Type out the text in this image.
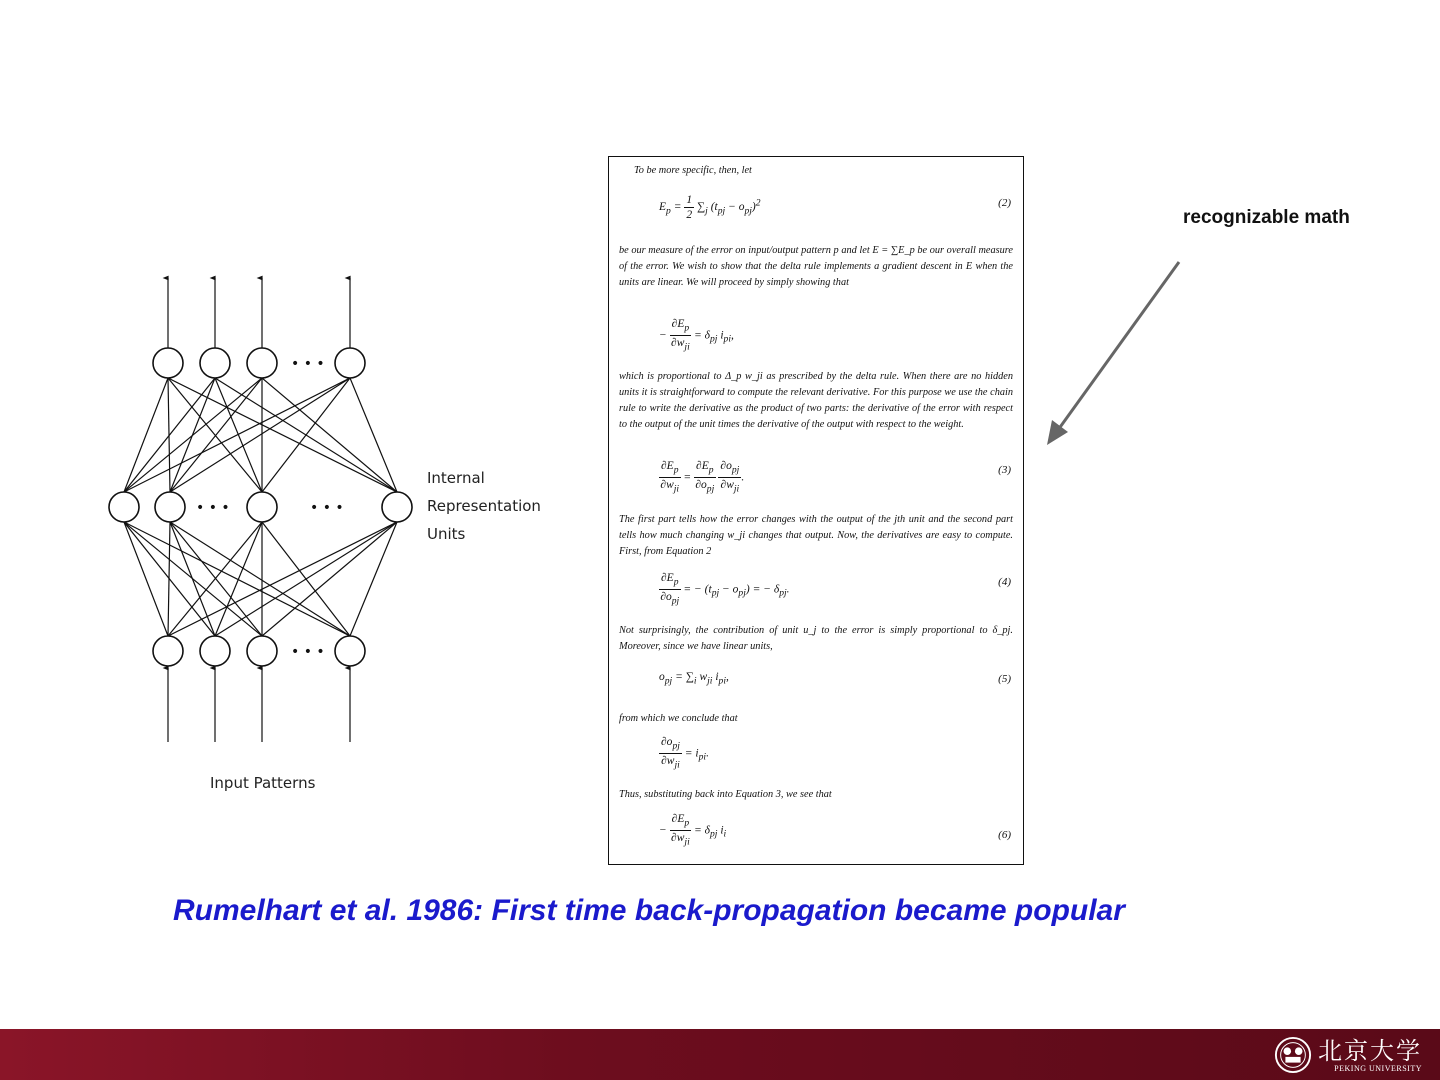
• • •
• • •	• • •
• • •
Internal
Representation
Units
Input Patterns
To be more specific, then, let
$E_p = \frac{1}{2} \sum_j$ $(t_{pj} - o_{pj})^2$	(2)
be our measure of the error on input/output pattern p and let E = ∑E_p be our overall measure of the error. We wish to show that the delta rule implements a gradient descent in E when the units are linear. We will proceed by simply showing that
− $\frac{\partial E_p}{\partial w_{ji}} = \delta_{pj}$ $i_{pi}$,
which is proportional to Δ_p w_ji as prescribed by the delta rule. When there are no hidden units it is straightforward to compute the relevant derivative. For this purpose we use the chain rule to write the derivative as the product of two parts: the derivative of the error with respect to the output of the unit times the derivative of the output with respect to the weight.
$\frac{\partial E_p}{\partial w_{ji}} = \frac{\partial E_p}{\partial o_{pj}}$
$\frac{\partial o_{pj}}{\partial w_{ji}}$ .
(3)
The first part tells how the error changes with the output of the jth unit and the second part tells how much changing w_ji changes that output. Now, the derivatives are easy to compute. First, from Equation 2
$\frac{\partial E_p}{\partial o_{pj}}$ = − $(t_{pj} - o_{pj})$ = − $\delta_{pj}$.
(4)
Not surprisingly, the contribution of unit u_j to the error is simply proportional to δ_pj. Moreover, since we have linear units,
$o_{pj} = \sum_i$ $w_{ji}$ $i_{pi}$,	(5)
from which we conclude that
$\frac{\partial o_{pj}}{\partial w_{ji}} = i_{pi}$.
Thus, substituting back into Equation 3, we see that
− $\frac{\partial E_p}{\partial w_{ji}} = \delta_{pj}$ $i_i$	(6)
recognizable math
Rumelhart et al. 1986: First time back-propagation became popular
北京大学
PEKING UNIVERSITY
